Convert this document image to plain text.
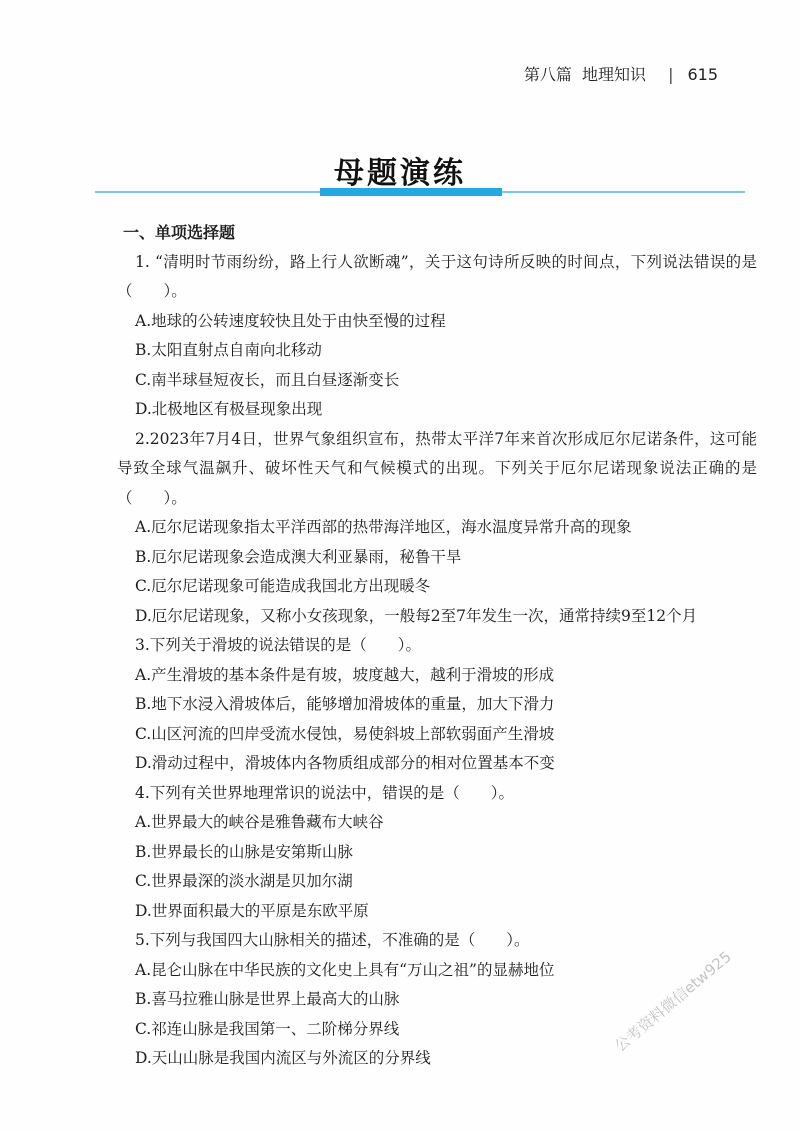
第八篇 地理知识 | 615
母题演练
一、单项选择题
1. “清明时节雨纷纷，路上行人欲断魂”，关于这句诗所反映的时间点，下列说法错误的是（　　）。
A.地球的公转速度较快且处于由快至慢的过程
B.太阳直射点自南向北移动
C.南半球昼短夜长，而且白昼逐渐变长
D.北极地区有极昼现象出现
2.2023年7月4日，世界气象组织宣布，热带太平洋7年来首次形成厄尔尼诺条件，这可能导致全球气温飙升、破坏性天气和气候模式的出现。下列关于厄尔尼诺现象说法正确的是（　　）。
A.厄尔尼诺现象指太平洋西部的热带海洋地区，海水温度异常升高的现象
B.厄尔尼诺现象会造成澳大利亚暴雨，秘鲁干旱
C.厄尔尼诺现象可能造成我国北方出现暖冬
D.厄尔尼诺现象，又称小女孩现象，一般每2至7年发生一次，通常持续9至12个月
3.下列关于滑坡的说法错误的是（　　）。
A.产生滑坡的基本条件是有坡，坡度越大，越利于滑坡的形成
B.地下水浸入滑坡体后，能够增加滑坡体的重量，加大下滑力
C.山区河流的凹岸受流水侵蚀，易使斜坡上部软弱面产生滑坡
D.滑动过程中，滑坡体内各物质组成部分的相对位置基本不变
4.下列有关世界地理常识的说法中，错误的是（　　）。
A.世界最大的峡谷是雅鲁藏布大峡谷
B.世界最长的山脉是安第斯山脉
C.世界最深的淡水湖是贝加尔湖
D.世界面积最大的平原是东欧平原
5.下列与我国四大山脉相关的描述，不准确的是（　　）。
A.昆仑山脉在中华民族的文化史上具有“万山之祖”的显赫地位
B.喜马拉雅山脉是世界上最高大的山脉
C.祁连山脉是我国第一、二阶梯分界线
D.天山山脉是我国内流区与外流区的分界线
公考资料微信etw925
